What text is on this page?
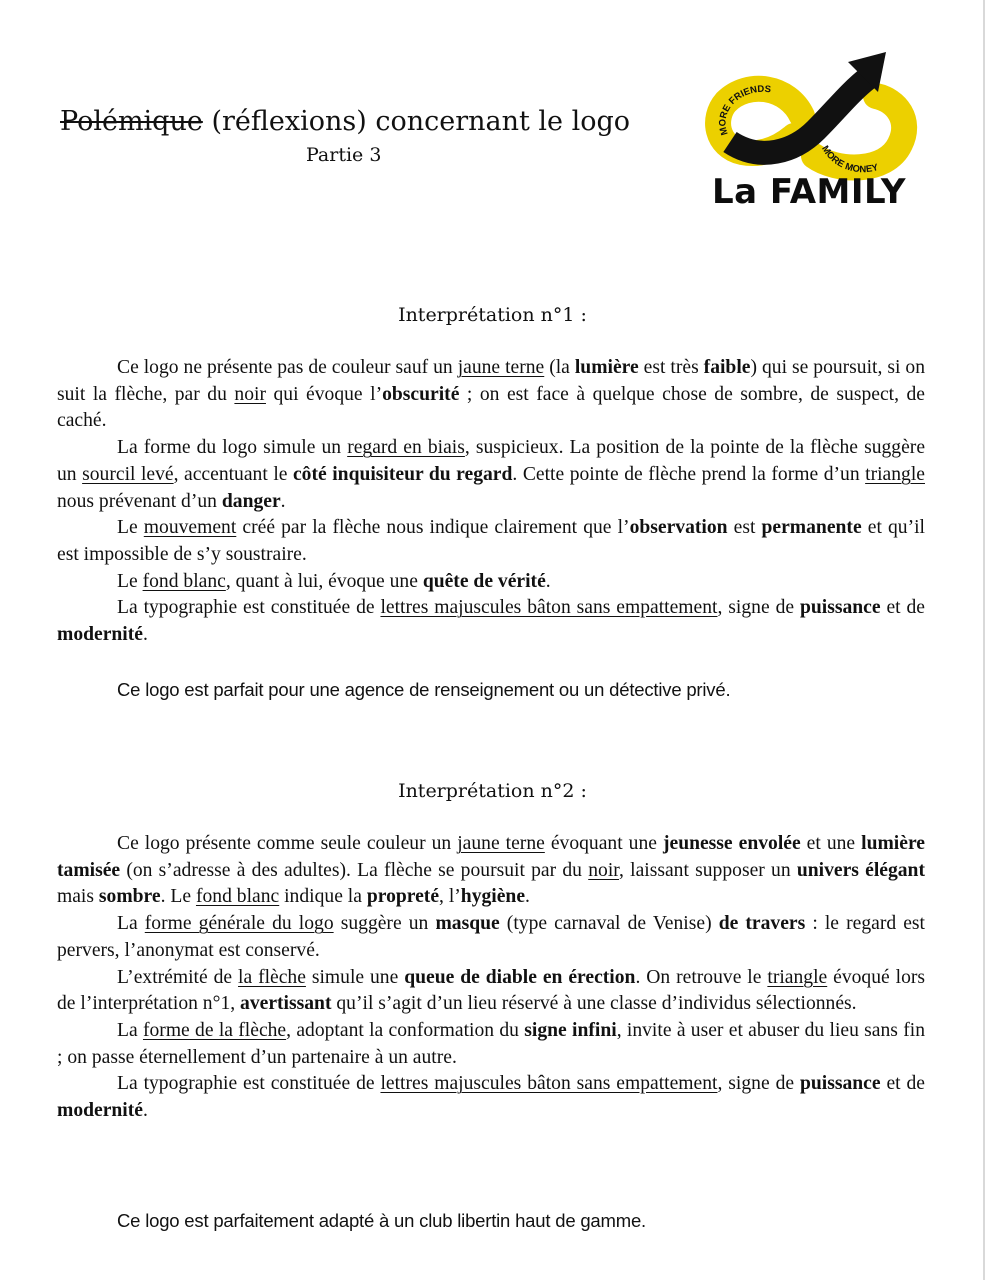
Polémique (réflexions) concernant le logo
Partie 3
MORE FRIENDS
MORE MONEY
La FAMILY
Interprétation n°1 :

Ce logo ne présente pas de couleur sauf un jaune terne (la lumière est très faible) qui se poursuit, si on suit la flèche, par du noir qui évoque l’obscurité ; on est face à quelque chose de sombre, de suspect, de caché.

La forme du logo simule un regard en biais, suspicieux. La position de la pointe de la flèche suggère un sourcil levé, accentuant le côté inquisiteur du regard. Cette pointe de flèche prend la forme d’un triangle nous prévenant d’un danger.

Le mouvement créé par la flèche nous indique clairement que l’observation est permanente et qu’il est impossible de s’y soustraire.

Le fond blanc, quant à lui, évoque une quête de vérité.

La typographie est constituée de lettres majuscules bâton sans empattement, signe de puissance et de modernité.

Ce logo est parfait pour une agence de renseignement ou un détective privé.
Interprétation n°2 :

Ce logo présente comme seule couleur un jaune terne évoquant une jeunesse envolée et une lumière tamisée (on s’adresse à des adultes). La flèche se poursuit par du noir, laissant supposer un univers élégant mais sombre. Le fond blanc indique la propreté, l’hygiène.

La forme générale du logo suggère un masque (type carnaval de Venise) de travers : le regard est pervers, l’anonymat est conservé.

L’extrémité de la flèche simule une queue de diable en érection. On retrouve le triangle évoqué lors de l’interprétation n°1, avertissant qu’il s’agit d’un lieu réservé à une classe d’individus sélectionnés.

La forme de la flèche, adoptant la conformation du signe infini, invite à user et abuser du lieu sans fin ; on passe éternellement d’un partenaire à un autre.

La typographie est constituée de lettres majuscules bâton sans empattement, signe de puissance et de modernité.

Ce logo est parfaitement adapté à un club libertin haut de gamme.
